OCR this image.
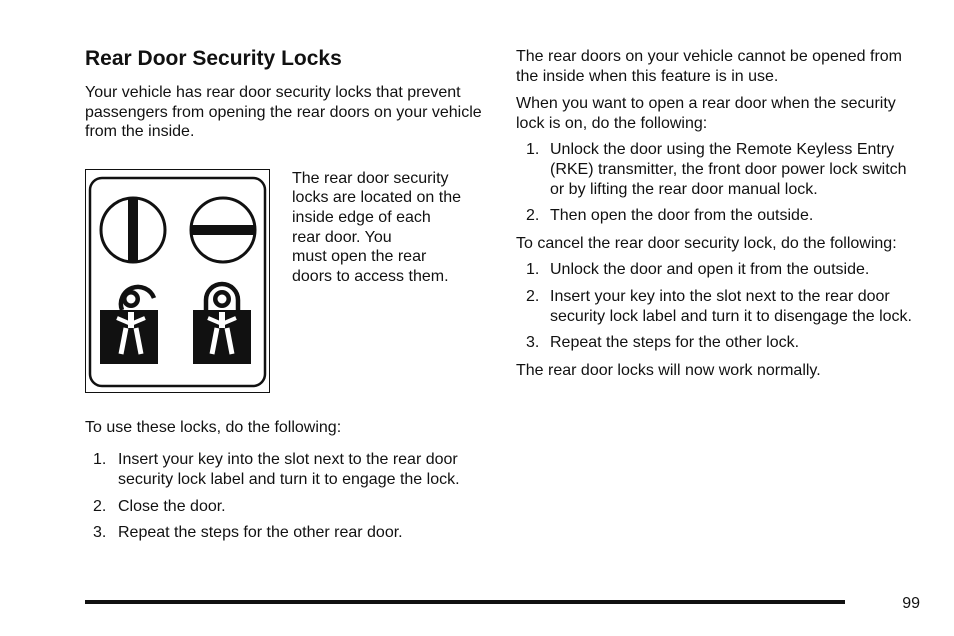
Rear Door Security Locks

Your vehicle has rear door security locks that prevent passengers from opening the rear doors on your vehicle from the inside.

The rear door security

locks are located on the

inside edge of each

rear door. You

must open the rear

doors to access them.

To use these locks, do the following:

1. Insert your key into the slot next to the rear door security lock label and turn it to engage the lock.
2. Close the door.
3. Repeat the steps for the other rear door.

The rear doors on your vehicle cannot be opened from the inside when this feature is in use.

When you want to open a rear door when the security lock is on, do the following:

1. Unlock the door using the Remote Keyless Entry (RKE) transmitter, the front door power lock switch or by lifting the rear door manual lock.
2. Then open the door from the outside.

To cancel the rear door security lock, do the following:

1. Unlock the door and open it from the outside.
2. Insert your key into the slot next to the rear door security lock label and turn it to disengage the lock.
3. Repeat the steps for the other lock.

The rear door locks will now work normally.

99
